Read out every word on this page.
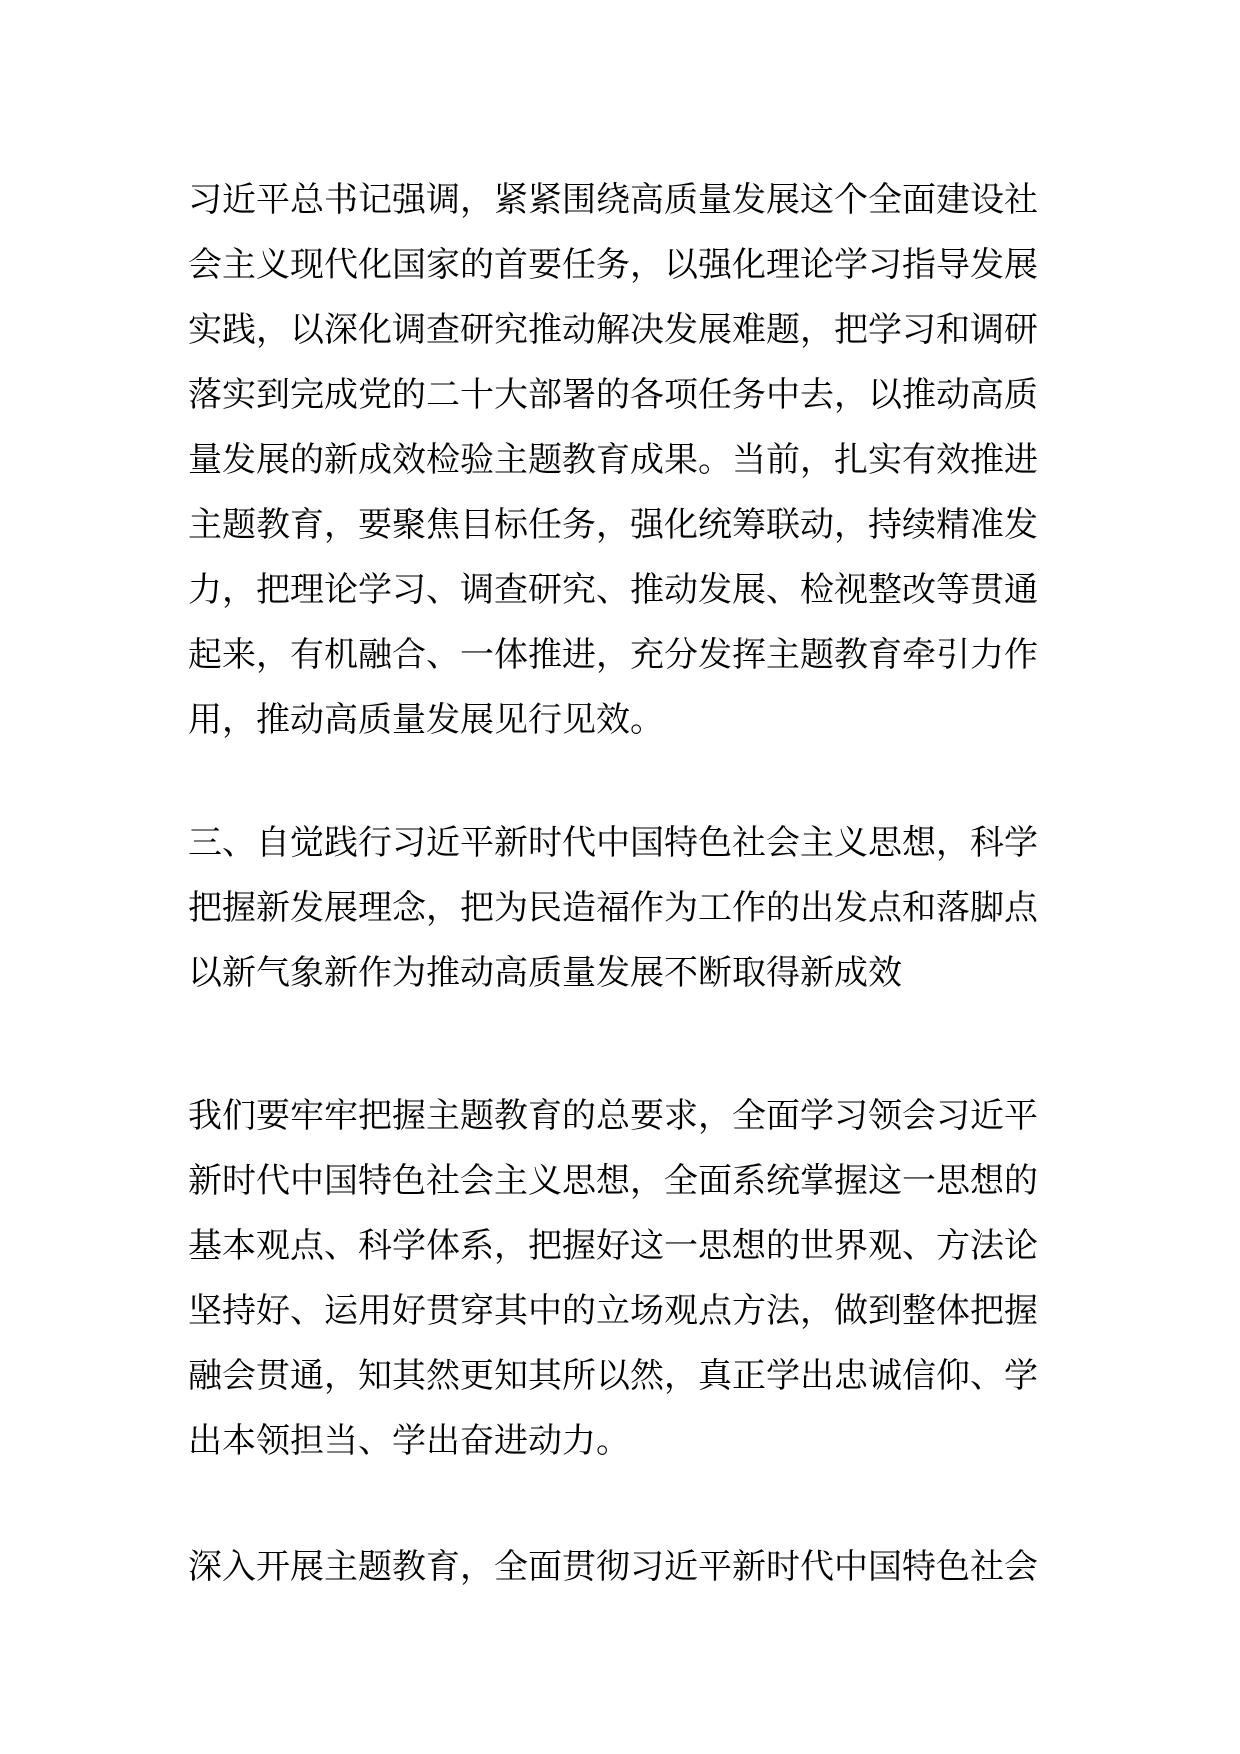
习近平总书记强调，紧紧围绕高质量发展这个全面建设社
会主义现代化国家的首要任务，以强化理论学习指导发展
实践，以深化调查研究推动解决发展难题，把学习和调研
落实到完成党的二十大部署的各项任务中去，以推动高质
量发展的新成效检验主题教育成果。当前，扎实有效推进
主题教育，要聚焦目标任务，强化统筹联动，持续精准发
力，把理论学习、调查研究、推动发展、检视整改等贯通
起来，有机融合、一体推进，充分发挥主题教育牵引力作
用，推动高质量发展见行见效。
三、自觉践行习近平新时代中国特色社会主义思想，科学
把握新发展理念，把为民造福作为工作的出发点和落脚点
以新气象新作为推动高质量发展不断取得新成效
我们要牢牢把握主题教育的总要求，全面学习领会习近平
新时代中国特色社会主义思想，全面系统掌握这一思想的
基本观点、科学体系，把握好这一思想的世界观、方法论
坚持好、运用好贯穿其中的立场观点方法，做到整体把握
融会贯通，知其然更知其所以然，真正学出忠诚信仰、学
出本领担当、学出奋进动力。
深入开展主题教育，全面贯彻习近平新时代中国特色社会
